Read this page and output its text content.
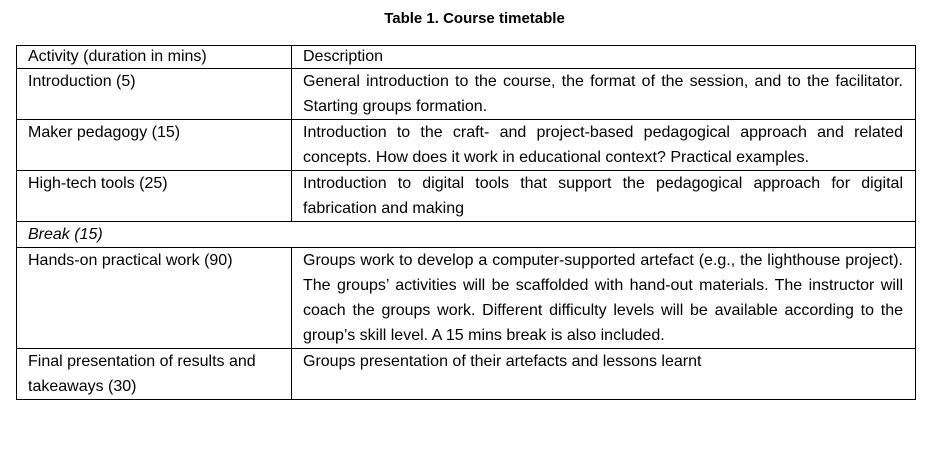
Table 1. Course timetable
Activity (duration in mins)	Description
Introduction (5)	General introduction to the course, the format of the session, and to the facilitator. Starting groups formation.
Maker pedagogy (15)	Introduction to the craft- and project-based pedagogical approach and related concepts. How does it work in educational context? Practical examples.
High-tech tools (25)	Introduction to digital tools that support the pedagogical approach for digital fabrication and making
Break (15)	
Hands-on practical work (90)	Groups work to develop a computer-supported artefact (e.g., the lighthouse project). The groups’ activities will be scaffolded with hand-out materials. The instructor will coach the groups work. Different difficulty levels will be available according to the group’s skill level. A 15 mins break is also included.
Final presentation of results and takeaways (30)	Groups presentation of their artefacts and lessons learnt
